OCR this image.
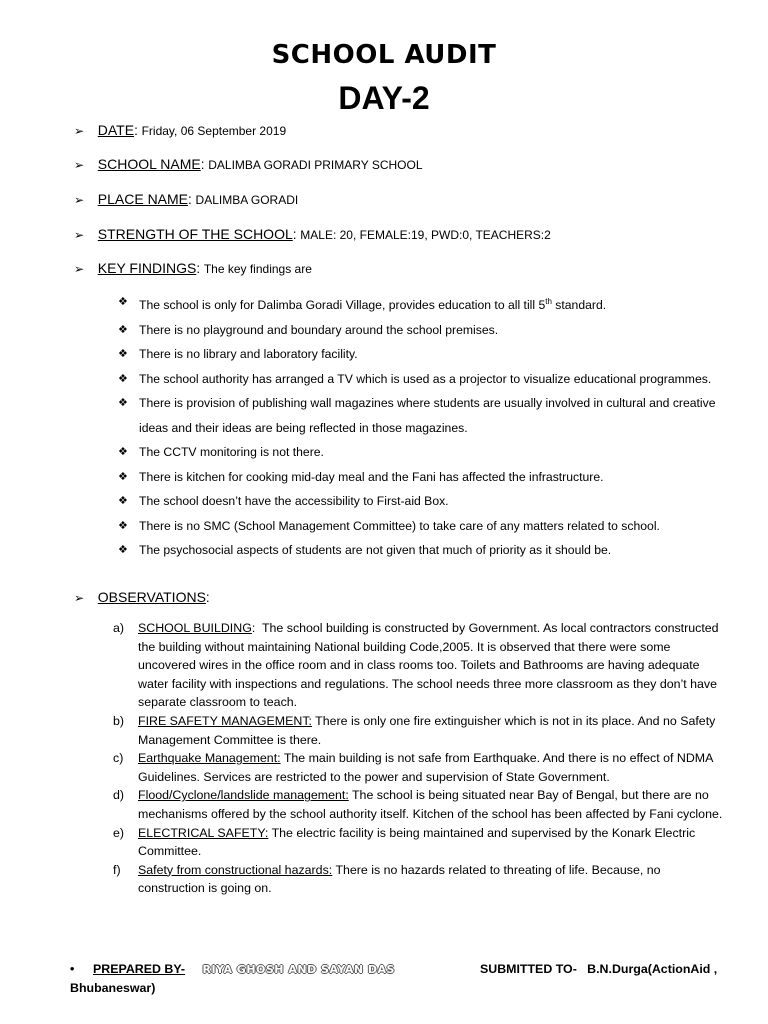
SCHOOL AUDIT
DAY-2
➢ DATE: Friday, 06 September 2019
➢ SCHOOL NAME: DALIMBA GORADI PRIMARY SCHOOL
➢ PLACE NAME: DALIMBA GORADI
➢ STRENGTH OF THE SCHOOL: MALE: 20, FEMALE:19, PWD:0, TEACHERS:2
➢ KEY FINDINGS: The key findings are
❖ The school is only for Dalimba Goradi Village, provides education to all till 5th standard.
❖ There is no playground and boundary around the school premises.
❖ There is no library and laboratory facility.
❖ The school authority has arranged a TV which is used as a projector to visualize educational programmes.
❖ There is provision of publishing wall magazines where students are usually involved in cultural and creative ideas and their ideas are being reflected in those magazines.
❖ The CCTV monitoring is not there.
❖ There is kitchen for cooking mid-day meal and the Fani has affected the infrastructure.
❖ The school doesn’t have the accessibility to First-aid Box.
❖ There is no SMC (School Management Committee) to take care of any matters related to school.
❖ The psychosocial aspects of students are not given that much of priority as it should be.
➢ OBSERVATIONS:
a) SCHOOL BUILDING:  The school building is constructed by Government. As local contractors constructed the building without maintaining National building Code,2005. It is observed that there were some uncovered wires in the office room and in class rooms too. Toilets and Bathrooms are having adequate water facility with inspections and regulations. The school needs three more classroom as they don’t have separate classroom to teach.
b) FIRE SAFETY MANAGEMENT: There is only one fire extinguisher which is not in its place. And no Safety Management Committee is there.
c) Earthquake Management: The main building is not safe from Earthquake. And there is no effect of NDMA Guidelines. Services are restricted to the power and supervision of State Government.
d) Flood/Cyclone/landslide management: The school is being situated near Bay of Bengal, but there are no mechanisms offered by the school authority itself. Kitchen of the school has been affected by Fani cyclone.
e) ELECTRICAL SAFETY: The electric facility is being maintained and supervised by the Konark Electric Committee.
f) Safety from constructional hazards: There is no hazards related to threating of life. Because, no construction is going on.
• PREPARED BY- RIYA GHOSH AND SAYAN DAS	SUBMITTED TO- B.N.Durga(ActionAid ,
Bhubaneswar)
